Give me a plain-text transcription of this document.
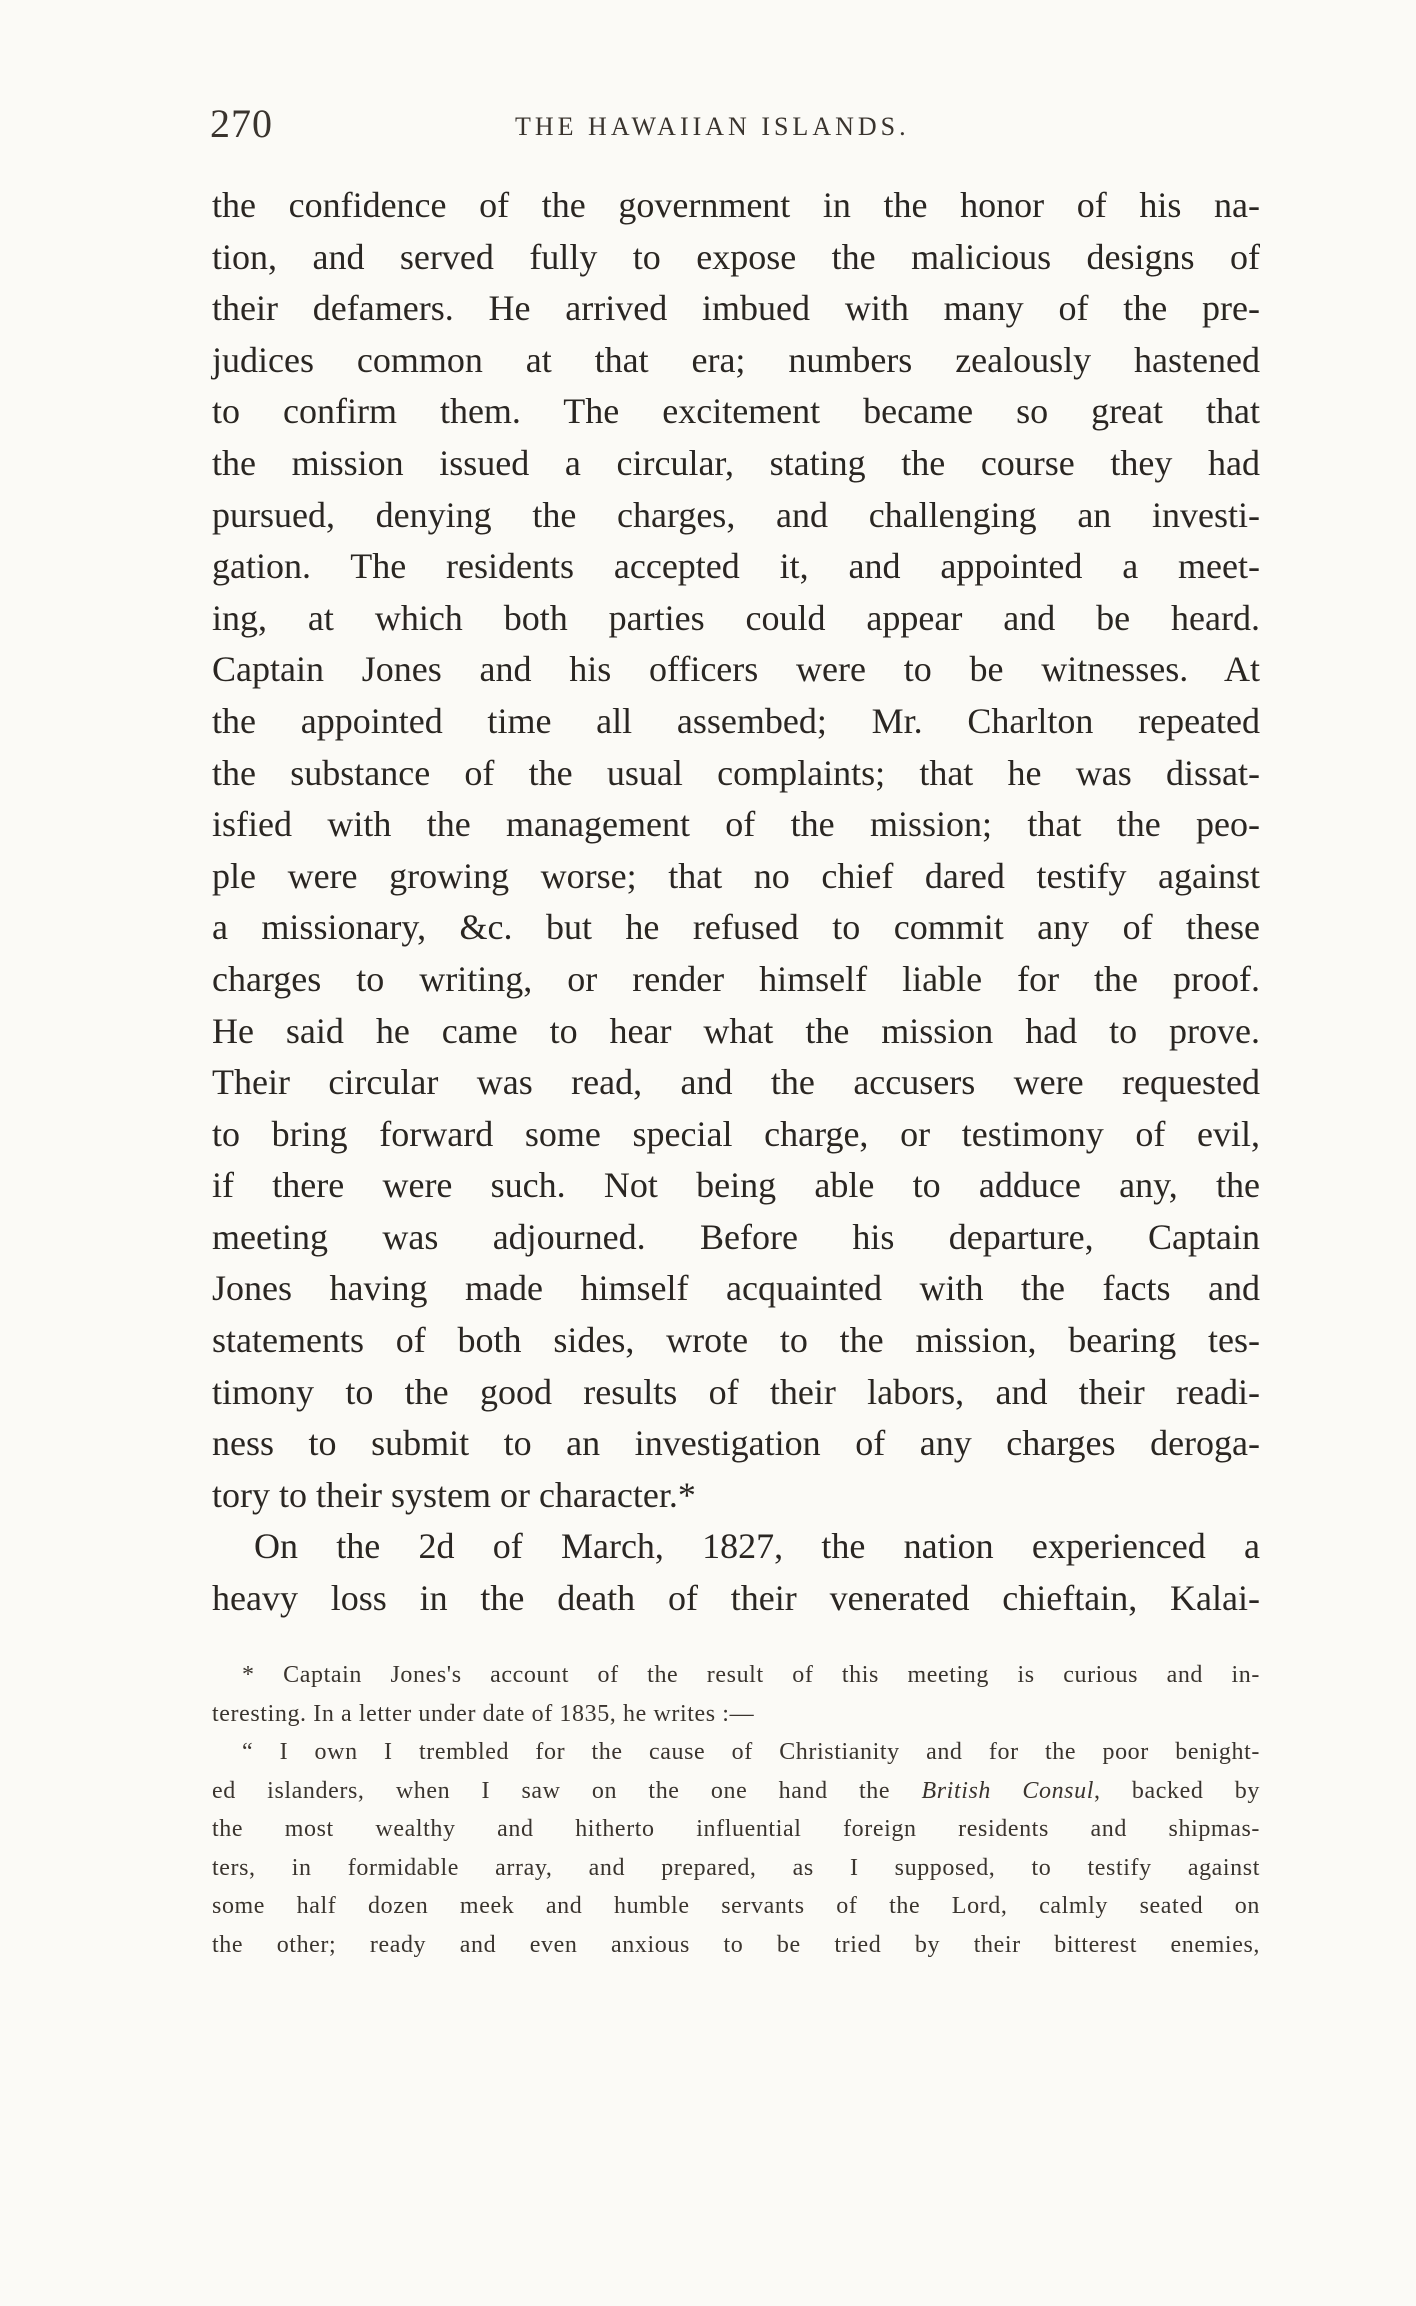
270	THE HAWAIIAN ISLANDS.
the confidence of the government in the honor of his na-
tion, and served fully to expose the malicious designs of
their defamers. He arrived imbued with many of the pre-
judices common at that era; numbers zealously hastened
to confirm them. The excitement became so great that
the mission issued a circular, stating the course they had
pursued, denying the charges, and challenging an investi-
gation. The residents accepted it, and appointed a meet-
ing, at which both parties could appear and be heard.
Captain Jones and his officers were to be witnesses. At
the appointed time all assembed; Mr. Charlton repeated
the substance of the usual complaints; that he was dissat-
isfied with the management of the mission; that the peo-
ple were growing worse; that no chief dared testify against
a missionary, &c. but he refused to commit any of these
charges to writing, or render himself liable for the proof.
He said he came to hear what the mission had to prove.
Their circular was read, and the accusers were requested
to bring forward some special charge, or testimony of evil,
if there were such. Not being able to adduce any, the
meeting was adjourned. Before his departure, Captain
Jones having made himself acquainted with the facts and
statements of both sides, wrote to the mission, bearing tes-
timony to the good results of their labors, and their readi-
ness to submit to an investigation of any charges deroga-
tory to their system or character.*
On the 2d of March, 1827, the nation experienced a
heavy loss in the death of their venerated chieftain, Kalai-
* Captain Jones's account of the result of this meeting is curious and in-
teresting. In a letter under date of 1835, he writes :—
“ I own I trembled for the cause of Christianity and for the poor benight-
ed islanders, when I saw on the one hand the British Consul, backed by
the most wealthy and hitherto influential foreign residents and shipmas-
ters, in formidable array, and prepared, as I supposed, to testify against
some half dozen meek and humble servants of the Lord, calmly seated on
the other; ready and even anxious to be tried by their bitterest enemies,
